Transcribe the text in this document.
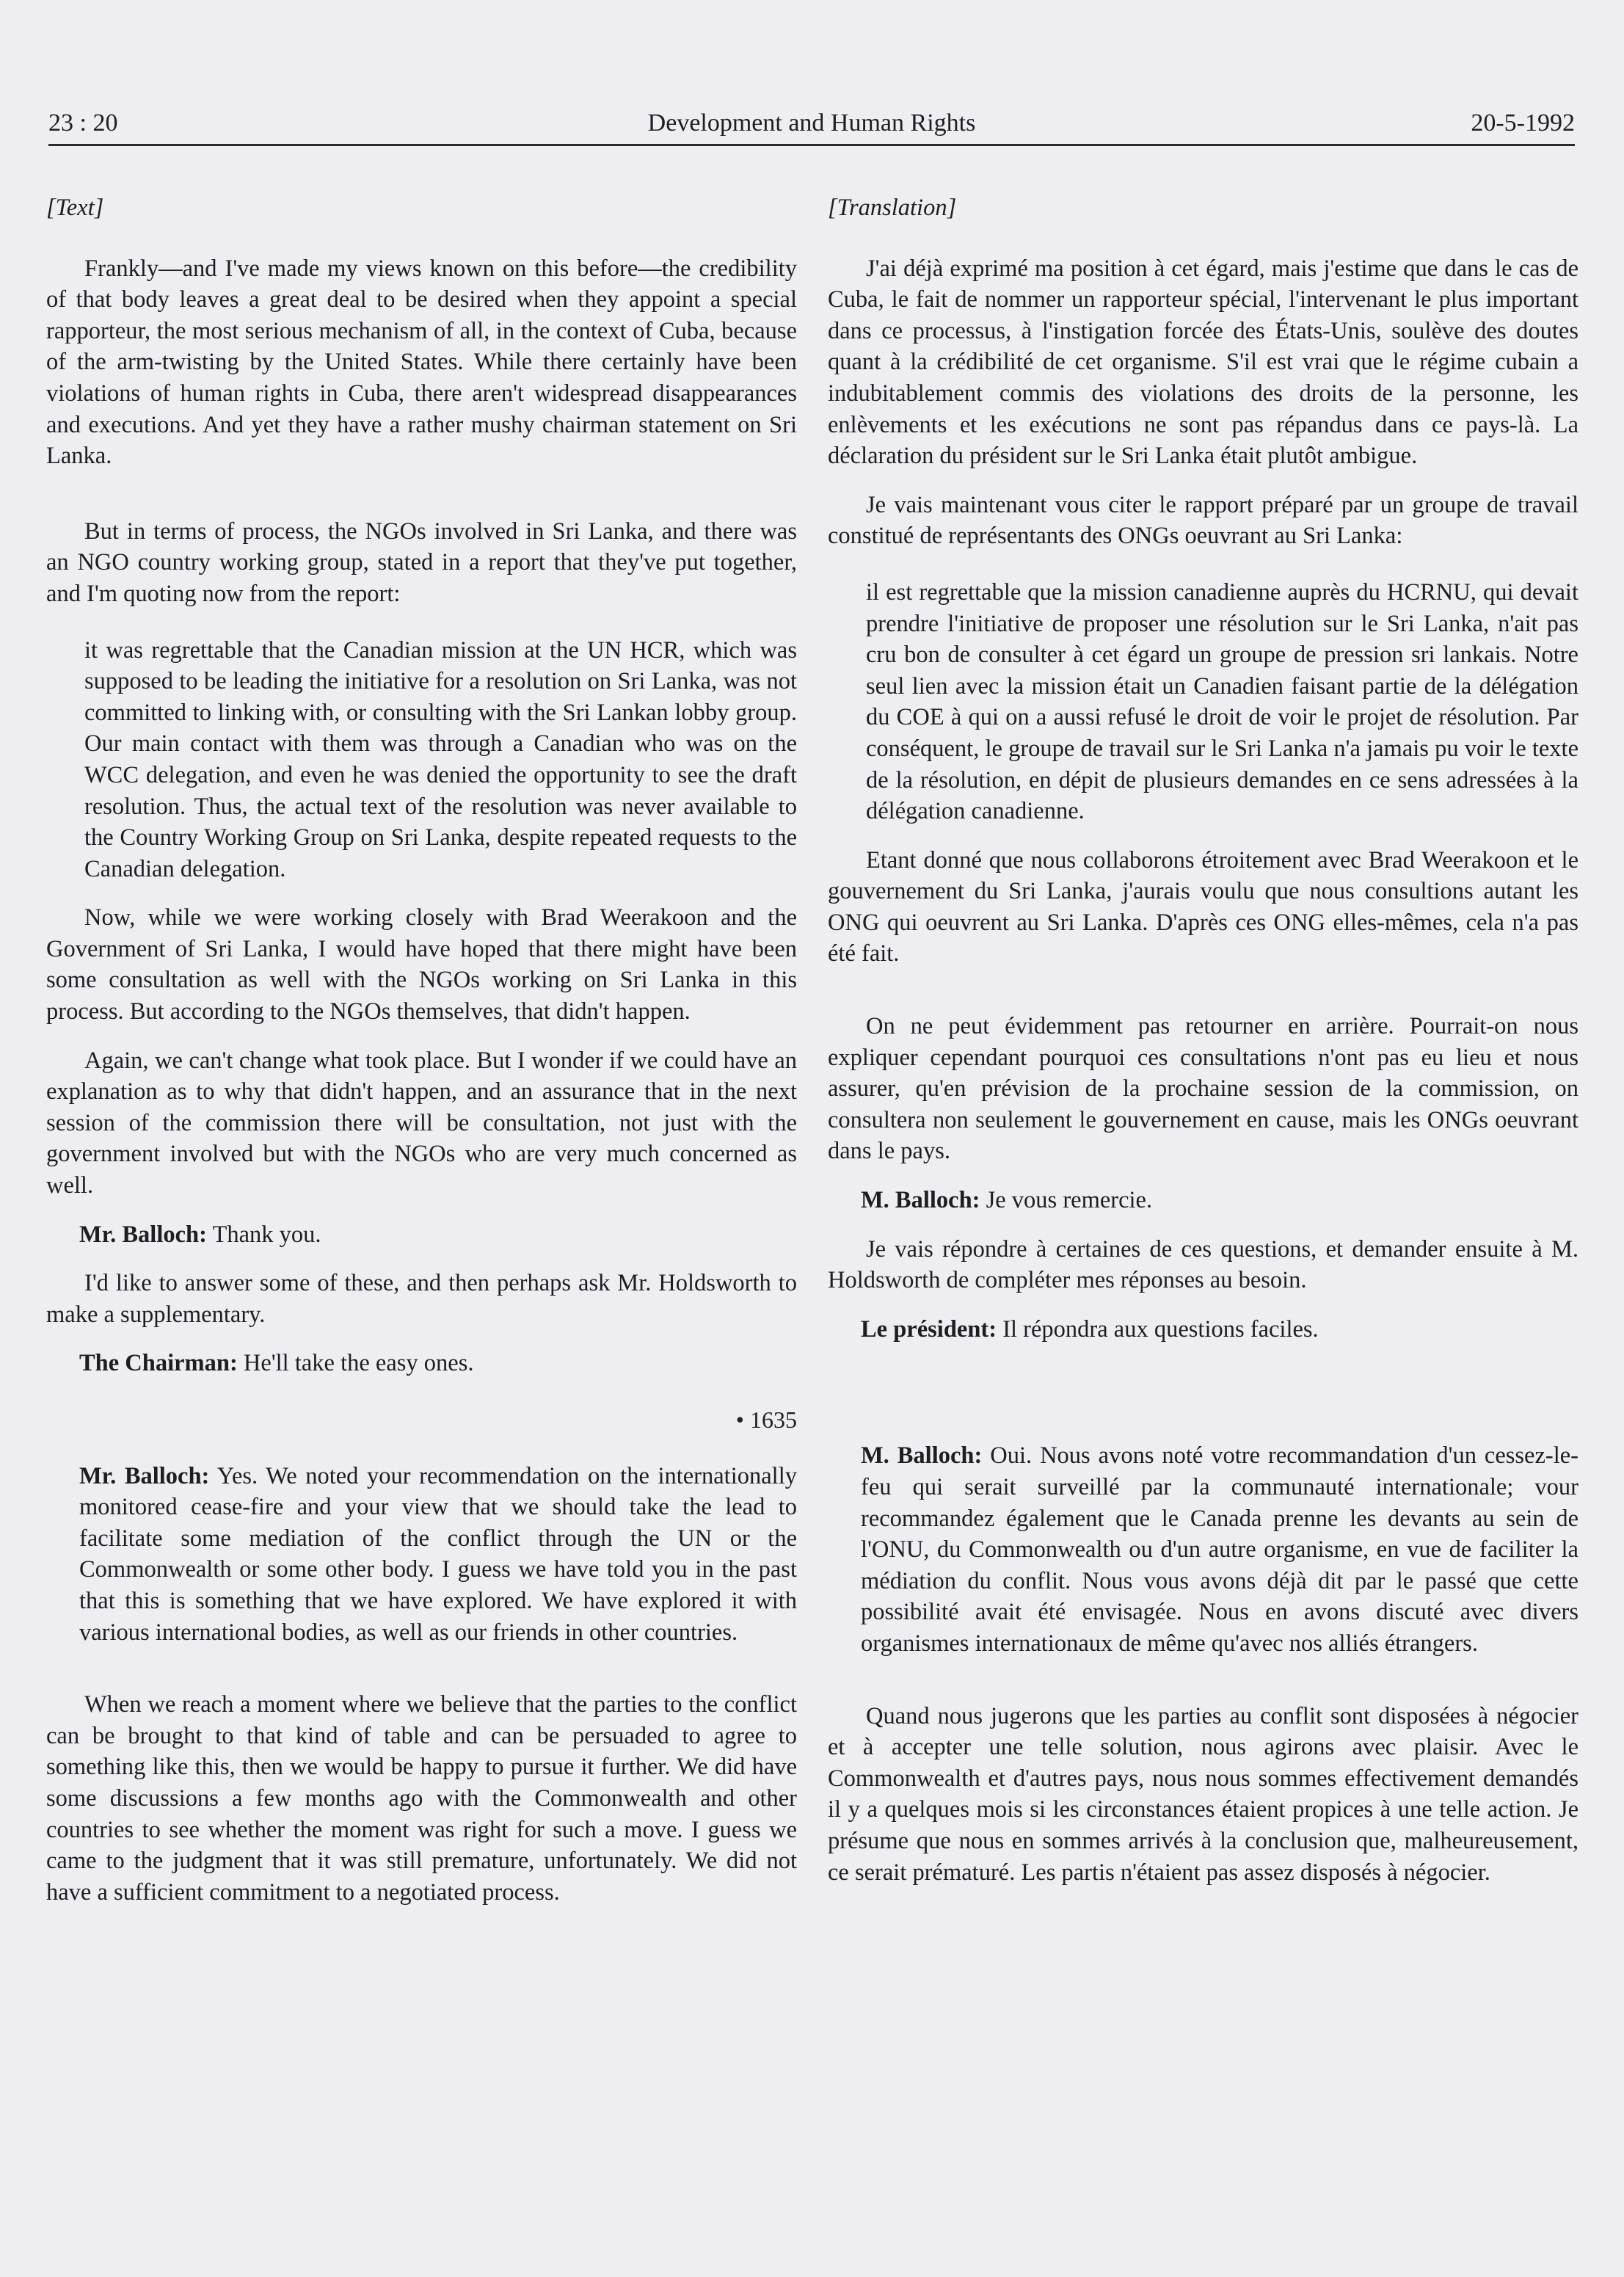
Development and Human Rights
23 : 20	20-5-1992
[Text]

Frankly—and I've made my views known on this before—the credibility of that body leaves a great deal to be desired when they appoint a special rapporteur, the most serious mechanism of all, in the context of Cuba, because of the arm-twisting by the United States. While there certainly have been violations of human rights in Cuba, there aren't widespread disappearances and executions. And yet they have a rather mushy chairman statement on Sri Lanka.

But in terms of process, the NGOs involved in Sri Lanka, and there was an NGO country working group, stated in a report that they've put together, and I'm quoting now from the report:

it was regrettable that the Canadian mission at the UN HCR, which was supposed to be leading the initiative for a resolution on Sri Lanka, was not committed to linking with, or consulting with the Sri Lankan lobby group. Our main contact with them was through a Canadian who was on the WCC delegation, and even he was denied the opportunity to see the draft resolution. Thus, the actual text of the resolution was never available to the Country Working Group on Sri Lanka, despite repeated requests to the Canadian delegation.

Now, while we were working closely with Brad Weerakoon and the Government of Sri Lanka, I would have hoped that there might have been some consultation as well with the NGOs working on Sri Lanka in this process. But according to the NGOs themselves, that didn't happen.

Again, we can't change what took place. But I wonder if we could have an explanation as to why that didn't happen, and an assurance that in the next session of the commission there will be consultation, not just with the government involved but with the NGOs who are very much concerned as well.

Mr. Balloch: Thank you.

I'd like to answer some of these, and then perhaps ask Mr. Holdsworth to make a supplementary.

The Chairman: He'll take the easy ones.

• 1635

Mr. Balloch: Yes. We noted your recommendation on the internationally monitored cease-fire and your view that we should take the lead to facilitate some mediation of the conflict through the UN or the Commonwealth or some other body. I guess we have told you in the past that this is something that we have explored. We have explored it with various international bodies, as well as our friends in other countries.

When we reach a moment where we believe that the parties to the conflict can be brought to that kind of table and can be persuaded to agree to something like this, then we would be happy to pursue it further. We did have some discussions a few months ago with the Commonwealth and other countries to see whether the moment was right for such a move. I guess we came to the judgment that it was still premature, unfortunately. We did not have a sufficient commitment to a negotiated process.

[Translation]

J'ai déjà exprimé ma position à cet égard, mais j'estime que dans le cas de Cuba, le fait de nommer un rapporteur spécial, l'intervenant le plus important dans ce processus, à l'instigation forcée des États-Unis, soulève des doutes quant à la crédibilité de cet organisme. S'il est vrai que le régime cubain a indubitablement commis des violations des droits de la personne, les enlèvements et les exécutions ne sont pas répandus dans ce pays-là. La déclaration du président sur le Sri Lanka était plutôt ambigue.

Je vais maintenant vous citer le rapport préparé par un groupe de travail constitué de représentants des ONGs oeuvrant au Sri Lanka:

il est regrettable que la mission canadienne auprès du HCRNU, qui devait prendre l'initiative de proposer une résolution sur le Sri Lanka, n'ait pas cru bon de consulter à cet égard un groupe de pression sri lankais. Notre seul lien avec la mission était un Canadien faisant partie de la délégation du COE à qui on a aussi refusé le droit de voir le projet de résolution. Par conséquent, le groupe de travail sur le Sri Lanka n'a jamais pu voir le texte de la résolution, en dépit de plusieurs demandes en ce sens adressées à la délégation canadienne.

Etant donné que nous collaborons étroitement avec Brad Weerakoon et le gouvernement du Sri Lanka, j'aurais voulu que nous consultions autant les ONG qui oeuvrent au Sri Lanka. D'après ces ONG elles-mêmes, cela n'a pas été fait.

On ne peut évidemment pas retourner en arrière. Pourrait-on nous expliquer cependant pourquoi ces consultations n'ont pas eu lieu et nous assurer, qu'en prévision de la prochaine session de la commission, on consultera non seulement le gouvernement en cause, mais les ONGs oeuvrant dans le pays.

M. Balloch: Je vous remercie.

Je vais répondre à certaines de ces questions, et demander ensuite à M. Holdsworth de compléter mes réponses au besoin.

Le président: Il répondra aux questions faciles.

M. Balloch: Oui. Nous avons noté votre recommandation d'un cessez-le-feu qui serait surveillé par la communauté internationale; vour recommandez également que le Canada prenne les devants au sein de l'ONU, du Commonwealth ou d'un autre organisme, en vue de faciliter la médiation du conflit. Nous vous avons déjà dit par le passé que cette possibilité avait été envisagée. Nous en avons discuté avec divers organismes internationaux de même qu'avec nos alliés étrangers.

Quand nous jugerons que les parties au conflit sont disposées à négocier et à accepter une telle solution, nous agirons avec plaisir. Avec le Commonwealth et d'autres pays, nous nous sommes effectivement demandés il y a quelques mois si les circonstances étaient propices à une telle action. Je présume que nous en sommes arrivés à la conclusion que, malheureusement, ce serait prématuré. Les partis n'étaient pas assez disposés à négocier.
